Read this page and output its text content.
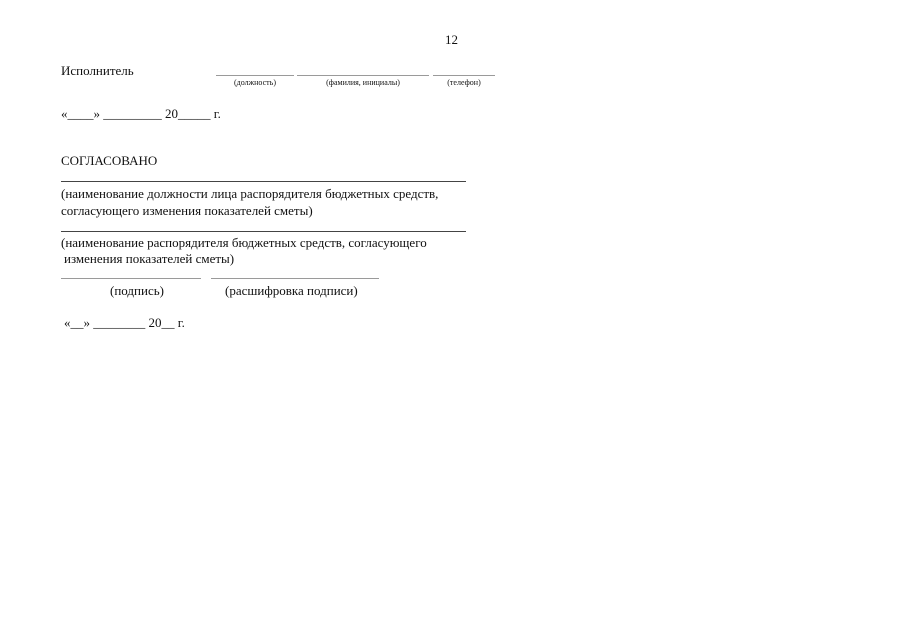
12
Исполнитель
(должность)	(фамилия, инициалы)	(телефон)
«____» _________ 20_____ г.
СОГЛАСОВАНО
(наименование должности лица распорядителя бюджетных средств,
согласующего изменения показателей сметы)
(наименование распорядителя бюджетных средств, согласующего
изменения показателей сметы)
(подпись)	(расшифровка подписи)
«__» ________ 20__ г.
